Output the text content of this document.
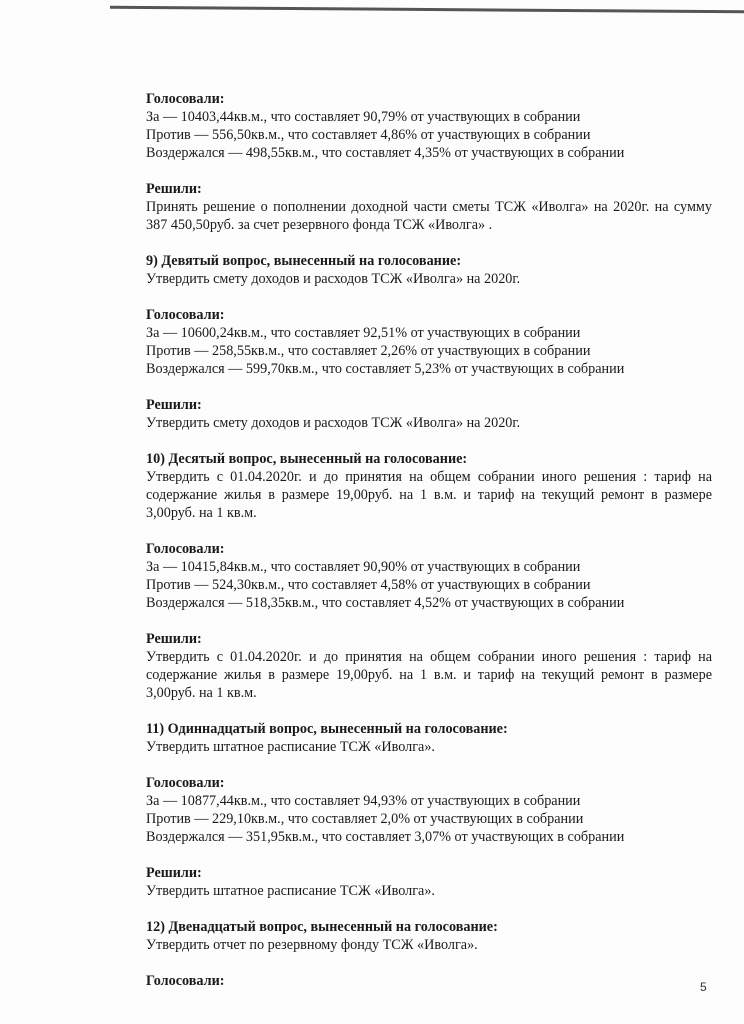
Голосовали:
За — 10403,44кв.м., что составляет 90,79% от участвующих в собрании
Против — 556,50кв.м., что составляет 4,86% от участвующих в собрании
Воздержался — 498,55кв.м., что составляет 4,35% от участвующих в собрании
Решили:
Принять решение о пополнении доходной части сметы ТСЖ «Иволга» на 2020г. на сумму 387 450,50руб. за счет резервного фонда ТСЖ «Иволга» .
9) Девятый вопрос, вынесенный на голосование:
Утвердить смету доходов и расходов ТСЖ «Иволга» на 2020г.
Голосовали:
За — 10600,24кв.м., что составляет 92,51% от участвующих в собрании
Против — 258,55кв.м., что составляет 2,26% от участвующих в собрании
Воздержался — 599,70кв.м., что составляет 5,23% от участвующих в собрании
Решили:
Утвердить смету доходов и расходов ТСЖ «Иволга» на 2020г.
10) Десятый вопрос, вынесенный на голосование:
Утвердить с 01.04.2020г. и до принятия на общем собрании иного решения : тариф на содержание жилья в размере 19,00руб. на 1 в.м. и тариф на текущий ремонт в размере 3,00руб. на 1 кв.м.
Голосовали:
За — 10415,84кв.м., что составляет 90,90% от участвующих в собрании
Против — 524,30кв.м., что составляет 4,58% от участвующих в собрании
Воздержался — 518,35кв.м., что составляет 4,52% от участвующих в собрании
Решили:
Утвердить с 01.04.2020г. и до принятия на общем собрании иного решения : тариф на содержание жилья в размере 19,00руб. на 1 в.м. и тариф на текущий ремонт в размере 3,00руб. на 1 кв.м.
11) Одиннадцатый вопрос, вынесенный на голосование:
Утвердить штатное расписание ТСЖ «Иволга».
Голосовали:
За — 10877,44кв.м., что составляет 94,93% от участвующих в собрании
Против — 229,10кв.м., что составляет 2,0% от участвующих в собрании
Воздержался — 351,95кв.м., что составляет 3,07% от участвующих в собрании
Решили:
Утвердить штатное расписание ТСЖ «Иволга».
12) Двенадцатый вопрос, вынесенный на голосование:
Утвердить отчет по резервному фонду ТСЖ «Иволга».
Голосовали:	5
